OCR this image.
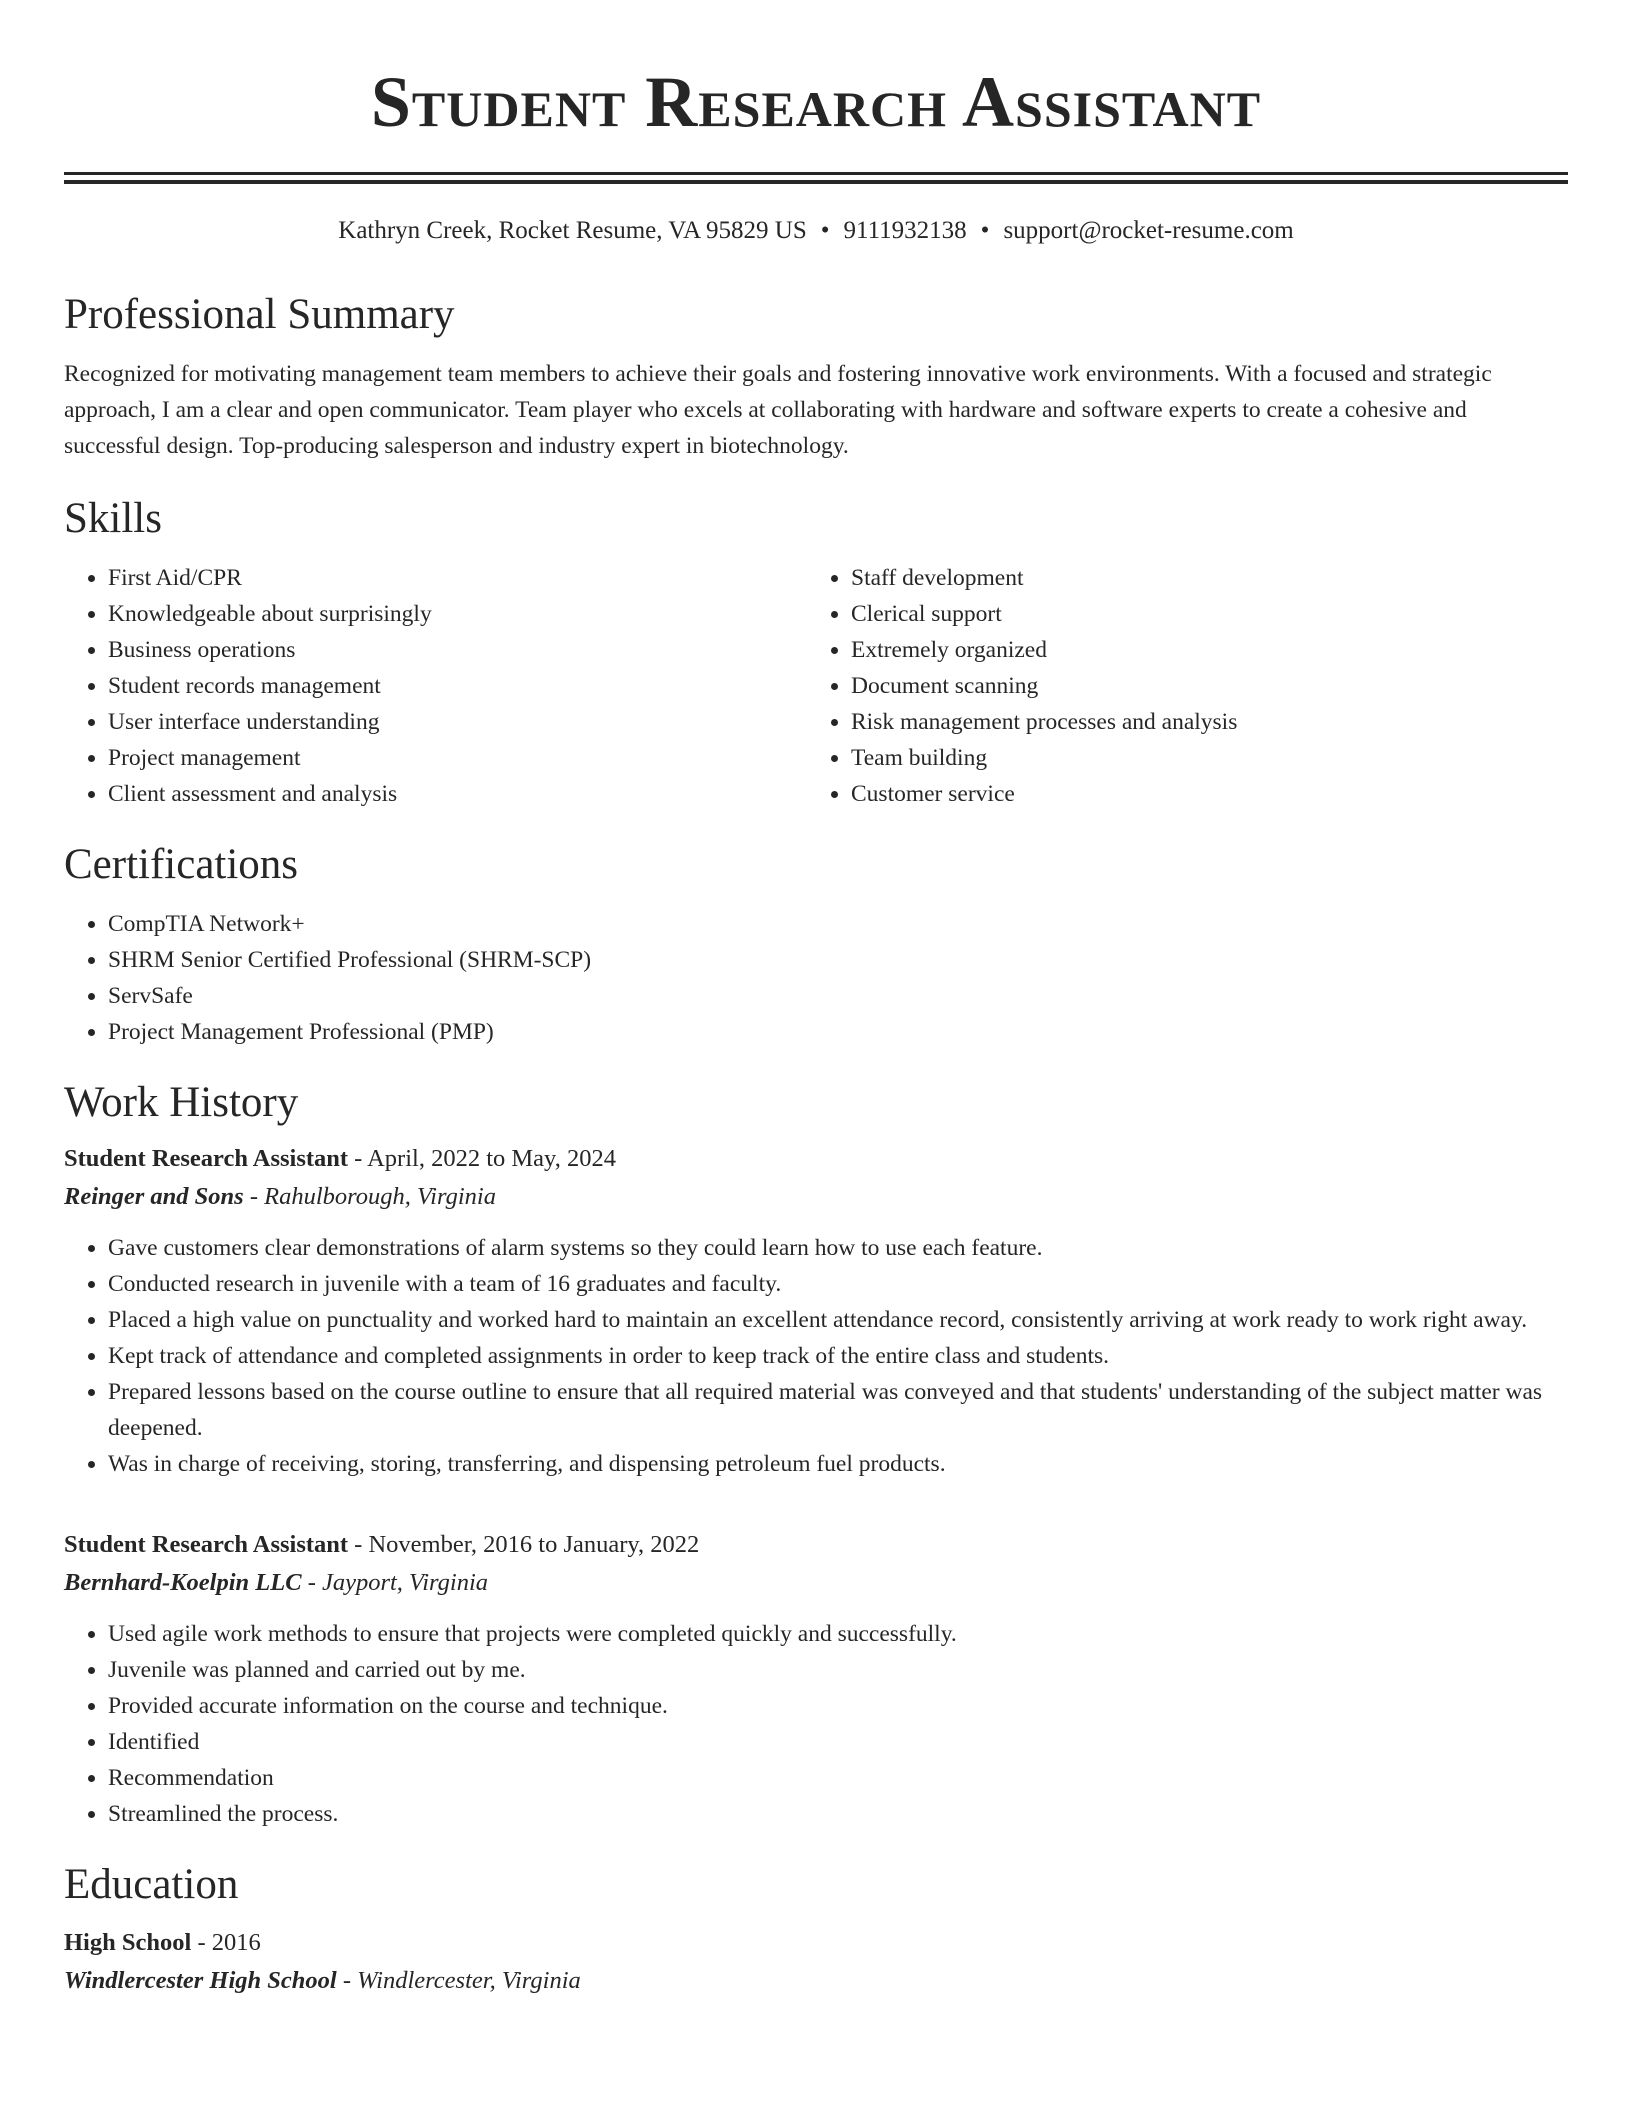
Student Research Assistant
Kathryn Creek, Rocket Resume, VA 95829 US • 9111932138 • support@rocket-resume.com
Professional Summary

Recognized for motivating management team members to achieve their goals and fostering innovative work environments. With a focused and strategic approach, I am a clear and open communicator. Team player who excels at collaborating with hardware and software experts to create a cohesive and successful design. Top-producing salesperson and industry expert in biotechnology.

Skills
• First Aid/CPR
• Knowledgeable about surprisingly
• Business operations
• Student records management
• User interface understanding
• Project management
• Client assessment and analysis
• Staff development
• Clerical support
• Extremely organized
• Document scanning
• Risk management processes and analysis
• Team building
• Customer service
Certifications
• CompTIA Network+
• SHRM Senior Certified Professional (SHRM-SCP)
• ServSafe
• Project Management Professional (PMP)
Work History
Student Research Assistant - April, 2022 to May, 2024
Reinger and Sons - Rahulborough, Virginia
• Gave customers clear demonstrations of alarm systems so they could learn how to use each feature.
• Conducted research in juvenile with a team of 16 graduates and faculty.
• Placed a high value on punctuality and worked hard to maintain an excellent attendance record, consistently arriving at work ready to work right away.
• Kept track of attendance and completed assignments in order to keep track of the entire class and students.
• Prepared lessons based on the course outline to ensure that all required material was conveyed and that students' understanding of the subject matter was deepened.
• Was in charge of receiving, storing, transferring, and dispensing petroleum fuel products.
Student Research Assistant - November, 2016 to January, 2022
Bernhard-Koelpin LLC - Jayport, Virginia
• Used agile work methods to ensure that projects were completed quickly and successfully.
• Juvenile was planned and carried out by me.
• Provided accurate information on the course and technique.
• Identified
• Recommendation
• Streamlined the process.
Education
High School - 2016
Windlercester High School - Windlercester, Virginia
